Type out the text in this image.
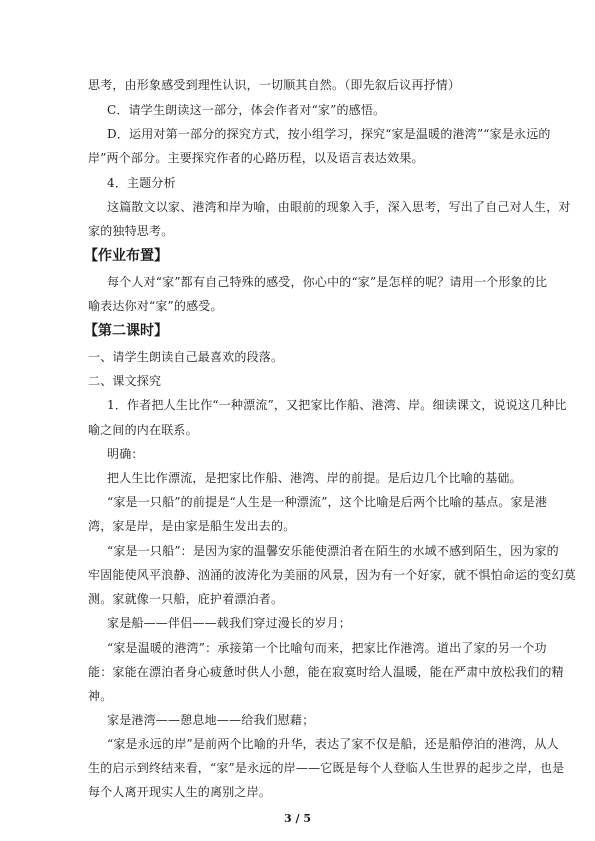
思考，由形象感受到理性认识，一切顺其自然。（即先叙后议再抒情）
C．请学生朗读这一部分，体会作者对“家”的感悟。
D．运用对第一部分的探究方式，按小组学习，探究“家是温暖的港湾”“家是永远的
岸”两个部分。主要探究作者的心路历程，以及语言表达效果。
4．主题分析
这篇散文以家、港湾和岸为喻，由眼前的现象入手，深入思考，写出了自己对人生，对
家的独特思考。
【作业布置】
每个人对“家”都有自己特殊的感受，你心中的“家”是怎样的呢？请用一个形象的比
喻表达你对“家”的感受。
【第二课时】
一、请学生朗读自己最喜欢的段落。
二、课文探究
1．作者把人生比作“一种漂流”，又把家比作船、港湾、岸。细读课文，说说这几种比
喻之间的内在联系。
明确：
把人生比作漂流，是把家比作船、港湾、岸的前提。是后边几个比喻的基础。
“家是一只船”的前提是“人生是一种漂流”，这个比喻是后两个比喻的基点。家是港
湾，家是岸，是由家是船生发出去的。
“家是一只船”：是因为家的温馨安乐能使漂泊者在陌生的水域不感到陌生，因为家的
牢固能使风平浪静、汹涌的波涛化为美丽的风景，因为有一个好家，就不惧怕命运的变幻莫
测。家就像一只船，庇护着漂泊者。
家是船——伴侣——载我们穿过漫长的岁月；
“家是温暖的港湾”：承接第一个比喻句而来，把家比作港湾。道出了家的另一个功
能：家能在漂泊者身心疲惫时供人小憩，能在寂寞时给人温暖，能在严肃中放松我们的精
神。
家是港湾——憩息地——给我们慰藉；
“家是永远的岸”是前两个比喻的升华，表达了家不仅是船，还是船停泊的港湾，从人
生的启示到终结来看，“家”是永远的岸——它既是每个人登临人生世界的起步之岸，也是
每个人离开现实人生的离别之岸。
3 / 5
